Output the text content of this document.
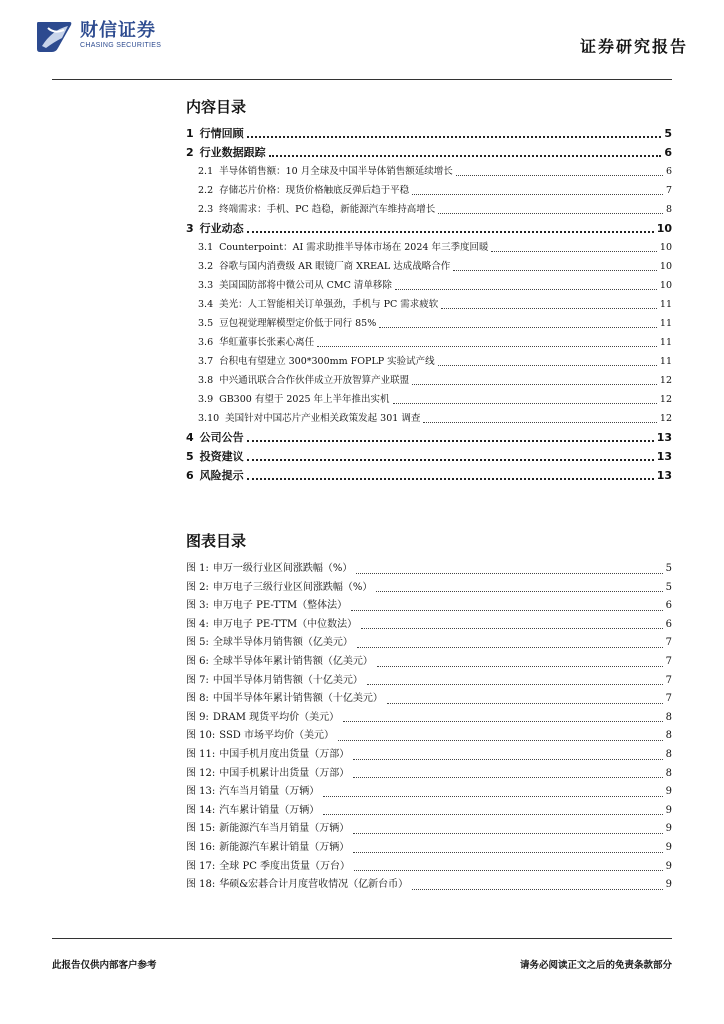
财信证券
CHASING SECURITIES	证券研究报告
内容目录
1 行情回顾	5
2 行业数据跟踪	6
2.1 半导体销售额：10 月全球及中国半导体销售额延续增长	6
2.2 存储芯片价格：现货价格触底反弹后趋于平稳	7
2.3 终端需求：手机、PC 趋稳，新能源汽车维持高增长	8
3 行业动态	10
3.1 Counterpoint：AI 需求助推半导体市场在 2024 年三季度回暖	10
3.2 谷歌与国内消费级 AR 眼镜厂商 XREAL 达成战略合作	10
3.3 美国国防部将中微公司从 CMC 清单移除	10
3.4 美光：人工智能相关订单强劲，手机与 PC 需求疲软	11
3.5 豆包视觉理解模型定价低于同行 85%	11
3.6 华虹董事长张素心离任	11
3.7 台积电有望建立 300*300mm FOPLP 实验试产线	11
3.8 中兴通讯联合合作伙伴成立开放智算产业联盟	12
3.9 GB300 有望于 2025 年上半年推出实机	12
3.10 美国针对中国芯片产业相关政策发起 301 调查	12
4 公司公告	13
5 投资建议	13
6 风险提示	13
图表目录
图 1: 申万一级行业区间涨跌幅（%）	5
图 2: 申万电子三级行业区间涨跌幅（%）	5
图 3: 申万电子 PE-TTM（整体法）	6
图 4: 申万电子 PE-TTM（中位数法）	6
图 5: 全球半导体月销售额（亿美元）	7
图 6: 全球半导体年累计销售额（亿美元）	7
图 7: 中国半导体月销售额（十亿美元）	7
图 8: 中国半导体年累计销售额（十亿美元）	7
图 9: DRAM 现货平均价（美元）	8
图 10: SSD 市场平均价（美元）	8
图 11: 中国手机月度出货量（万部）	8
图 12: 中国手机累计出货量（万部）	8
图 13: 汽车当月销量（万辆）	9
图 14: 汽车累计销量（万辆）	9
图 15: 新能源汽车当月销量（万辆）	9
图 16: 新能源汽车累计销量（万辆）	9
图 17: 全球 PC 季度出货量（万台）	9
图 18: 华硕&宏碁合计月度营收情况（亿新台币）	9
此报告仅供内部客户参考	请务必阅读正文之后的免责条款部分
